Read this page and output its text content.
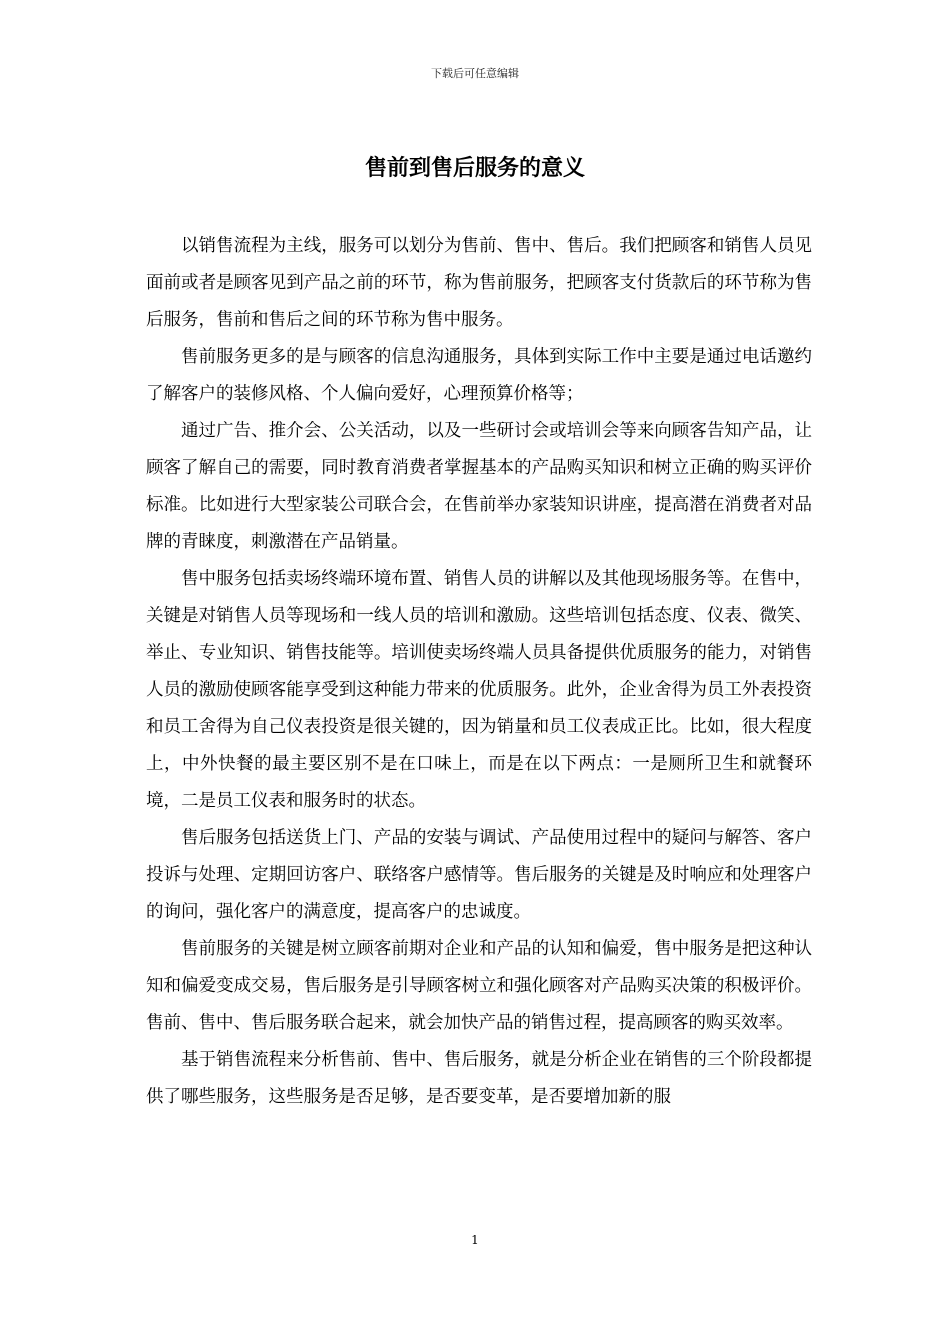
下载后可任意编辑
售前到售后服务的意义

以销售流程为主线，服务可以划分为售前、售中、售后。我们把顾客和销售人员见面前或者是顾客见到产品之前的环节，称为售前服务，把顾客支付货款后的环节称为售后服务，售前和售后之间的环节称为售中服务。

售前服务更多的是与顾客的信息沟通服务，具体到实际工作中主要是通过电话邀约了解客户的装修风格、个人偏向爱好，心理预算价格等；

通过广告、推介会、公关活动，以及一些研讨会或培训会等来向顾客告知产品，让顾客了解自己的需要，同时教育消费者掌握基本的产品购买知识和树立正确的购买评价标准。比如进行大型家装公司联合会，在售前举办家装知识讲座，提高潜在消费者对品牌的青睐度，刺激潜在产品销量。

售中服务包括卖场终端环境布置、销售人员的讲解以及其他现场服务等。在售中，关键是对销售人员等现场和一线人员的培训和激励。这些培训包括态度、仪表、微笑、举止、专业知识、销售技能等。培训使卖场终端人员具备提供优质服务的能力，对销售人员的激励使顾客能享受到这种能力带来的优质服务。此外，企业舍得为员工外表投资和员工舍得为自己仪表投资是很关键的，因为销量和员工仪表成正比。比如，很大程度上，中外快餐的最主要区别不是在口味上，而是在以下两点：一是厕所卫生和就餐环境，二是员工仪表和服务时的状态。

售后服务包括送货上门、产品的安装与调试、产品使用过程中的疑问与解答、客户投诉与处理、定期回访客户、联络客户感情等。售后服务的关键是及时响应和处理客户的询问，强化客户的满意度，提高客户的忠诚度。

售前服务的关键是树立顾客前期对企业和产品的认知和偏爱，售中服务是把这种认知和偏爱变成交易，售后服务是引导顾客树立和强化顾客对产品购买决策的积极评价。售前、售中、售后服务联合起来，就会加快产品的销售过程，提高顾客的购买效率。

基于销售流程来分析售前、售中、售后服务，就是分析企业在销售的三个阶段都提供了哪些服务，这些服务是否足够，是否要变革，是否要增加新的服

1
